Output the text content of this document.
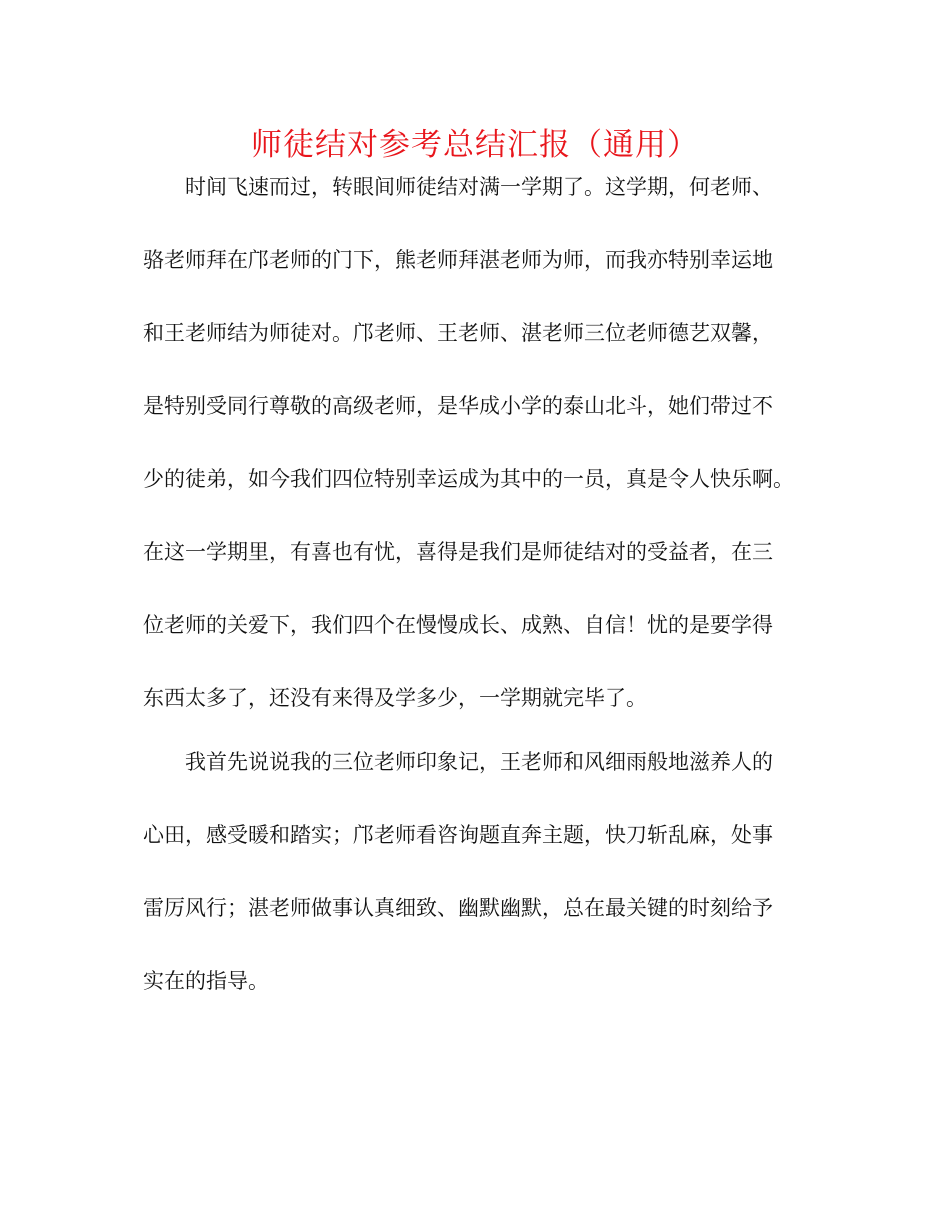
师徒结对参考总结汇报（通用）
时间飞速而过，转眼间师徒结对满一学期了。这学期，何老师、
骆老师拜在邝老师的门下，熊老师拜湛老师为师，而我亦特别幸运地
和王老师结为师徒对。邝老师、王老师、湛老师三位老师德艺双馨，
是特别受同行尊敬的高级老师，是华成小学的泰山北斗，她们带过不
少的徒弟，如今我们四位特别幸运成为其中的一员，真是令人快乐啊。
在这一学期里，有喜也有忧，喜得是我们是师徒结对的受益者，在三
位老师的关爱下，我们四个在慢慢成长、成熟、自信！忧的是要学得
东西太多了，还没有来得及学多少，一学期就完毕了。
我首先说说我的三位老师印象记，王老师和风细雨般地滋养人的
心田，感受暖和踏实；邝老师看咨询题直奔主题，快刀斩乱麻，处事
雷厉风行；湛老师做事认真细致、幽默幽默，总在最关键的时刻给予
实在的指导。
